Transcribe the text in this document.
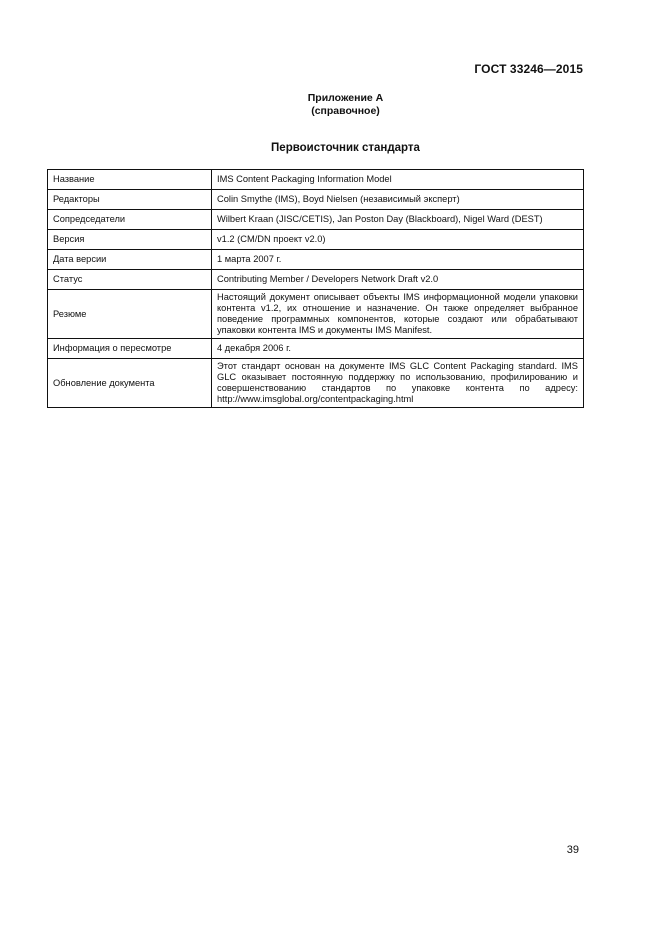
ГОСТ 33246—2015
Приложение А
(справочное)
Первоисточник стандарта
Название	IMS Content Packaging Information Model
Редакторы	Colin Smythe (IMS), Boyd Nielsen (независимый эксперт)
Сопредседатели	Wilbert Kraan (JISC/CETIS), Jan Poston Day (Blackboard), Nigel Ward (DEST)
Версия	v1.2 (CM/DN проект v2.0)
Дата версии	1 марта 2007 г.
Статус	Contributing Member / Developers Network Draft v2.0
Резюме	Настоящий документ описывает объекты IMS информационной модели упаковки контента v1.2, их отношение и назначение. Он также определяет выбранное поведение программных компонентов, которые создают или обрабатывают упаковки контента IMS и документы IMS Manifest.
Информация о пересмотре	4 декабря 2006 г.
Обновление документа	Этот стандарт основан на документе IMS GLC Content Packaging standard. IMS GLC оказывает постоянную поддержку по использованию, профилированию и совершенствованию стандартов по упаковке контента по адресу: http://www.imsglobal.org/contentpackaging.html
39
